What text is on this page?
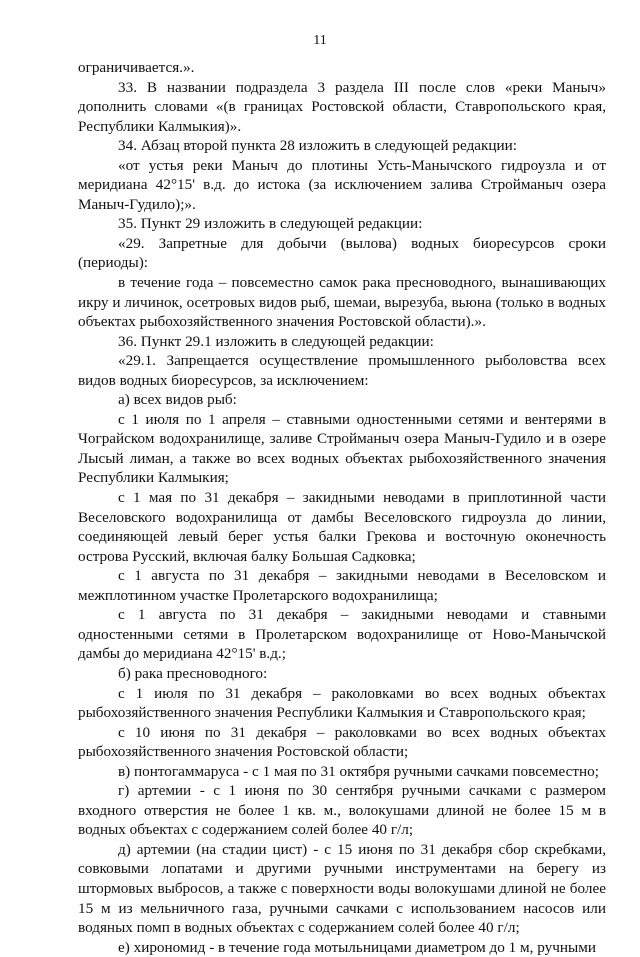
11

ограничивается.».

33. В названии подраздела 3 раздела III после слов «реки Маныч» дополнить словами «(в границах Ростовской области, Ставропольского края, Республики Калмыкия)».

34. Абзац второй пункта 28 изложить в следующей редакции:

«от устья реки Маныч до плотины Усть-Манычского гидроузла и от меридиана 42°15' в.д. до истока (за исключением залива Стройманыч озера Маныч-Гудило);».

35. Пункт 29 изложить в следующей редакции:

«29. Запретные для добычи (вылова) водных биоресурсов сроки (периоды):

в течение года – повсеместно самок рака пресноводного, вынашивающих икру и личинок, осетровых видов рыб, шемаи, вырезуба, вьюна (только в водных объектах рыбохозяйственного значения Ростовской области).».

36. Пункт 29.1 изложить в следующей редакции:

«29.1. Запрещается осуществление промышленного рыболовства всех видов водных биоресурсов, за исключением:

а) всех видов рыб:

с 1 июля по 1 апреля – ставными одностенными сетями и вентерями в Чограйском водохранилище, заливе Стройманыч озера Маныч-Гудило и в озере Лысый лиман, а также во всех водных объектах рыбохозяйственного значения Республики Калмыкия;

с 1 мая по 31 декабря – закидными неводами в приплотинной части Веселовского водохранилища от дамбы Веселовского гидроузла до линии, соединяющей левый берег устья балки Грекова и восточную оконечность острова Русский, включая балку Большая Садковка;

с 1 августа по 31 декабря – закидными неводами в Веселовском и межплотинном участке Пролетарского водохранилища;

с 1 августа по 31 декабря – закидными неводами и ставными одностенными сетями в Пролетарском водохранилище от Ново-Манычской дамбы до меридиана 42°15' в.д.;

б) рака пресноводного:

с 1 июля по 31 декабря – раколовками во всех водных объектах рыбохозяйственного значения Республики Калмыкия и Ставропольского края;

с 10 июня по 31 декабря – раколовками во всех водных объектах рыбохозяйственного значения Ростовской области;

в) понтогаммаруса - с 1 мая по 31 октября ручными сачками повсеместно;

г) артемии - с 1 июня по 30 сентября ручными сачками с размером входного отверстия не более 1 кв. м., волокушами длиной не более 15 м в водных объектах с содержанием солей более 40 г/л;

д) артемии (на стадии цист) - с 15 июня по 31 декабря сбор скребками, совковыми лопатами и другими ручными инструментами на берегу из штормовых выбросов, а также с поверхности воды волокушами длиной не более 15 м из мельничного газа, ручными сачками с использованием насосов или водяных помп в водных объектах с содержанием солей более 40 г/л;

е) хирономид - в течение года мотыльницами диаметром до 1 м, ручными
